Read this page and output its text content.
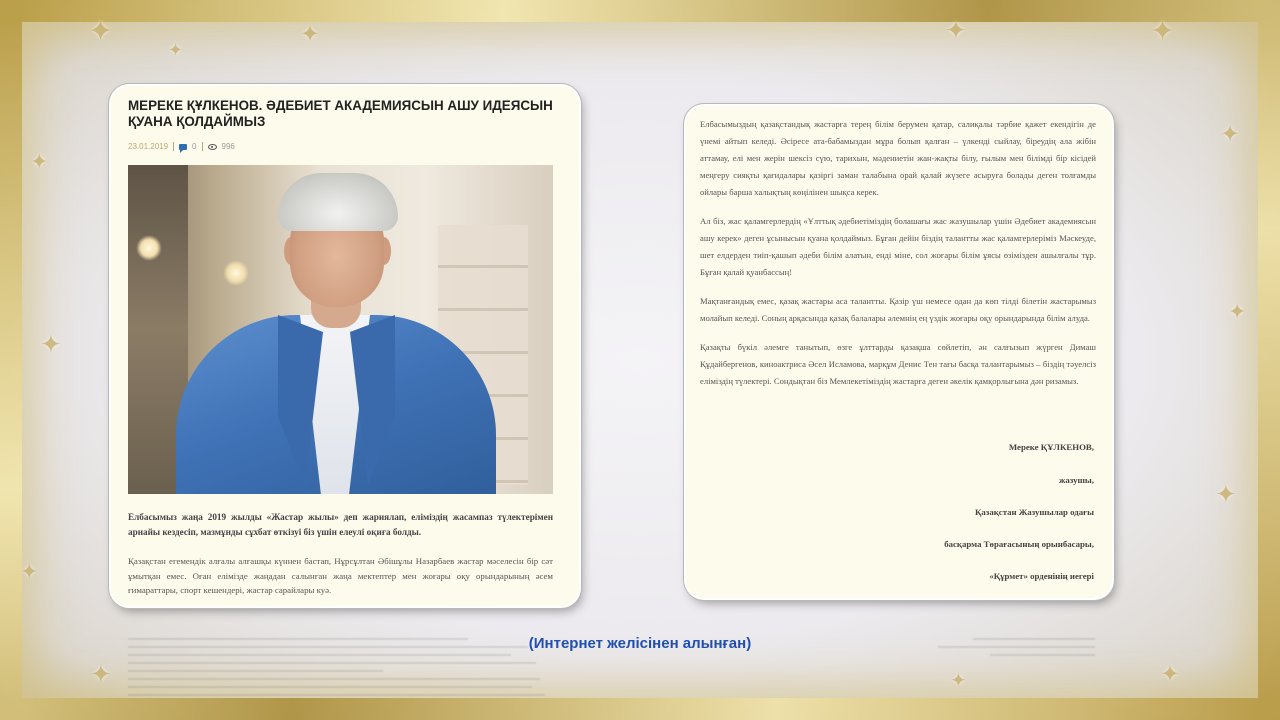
✦
✦
✦
✦
✦
✦
✦
✦	✦
✦
✦
✦
✦
✦
МЕРЕКЕ ҚҰЛКЕНОВ. ӘДЕБИЕТ АКАДЕМИЯСЫН АШУ ИДЕЯСЫН ҚУАНА ҚОЛДАЙМЫЗ
23.01.2019	0	996
Елбасымыз жаңа 2019 жылды «Жастар жылы» деп жариялап, еліміздің жасампаз түлектерімен арнайы кездесіп, мазмұнды сұхбат өткізуі біз үшін елеулі оқиға болды.
Қазақстан егемендік алғалы алғашқы күннен бастап, Нұрсұлтан Әбішұлы Назарбаев жастар мәселесін бір сәт ұмытқан емес. Оған елімізде жаңадан салынған жаңа мектептер мен жоғары оқу орындарының әсем ғимараттары, спорт кешендері, жастар сарайлары куә.

Елбасымыздың қазақстандық жастарға терең білім берумен қатар, салиқалы тәрбие қажет екендігін де үнемі айтып келеді. Әсіресе ата-бабамыздан мұра болып қалған – үлкенді сыйлау, біреудің ала жібін аттамау, елі мен жерін шексіз сүю, тарихын, мәдениетін жан-жақты білу, ғылым мен білімді бір кісідей меңгеру сияқты қағидалары қазіргі заман талабына орай қалай жүзеге асыруға болады деген толғамды ойлары барша халықтың көңілінен шықса керек.

Ал біз, жас қаламгерлердің «Ұлттық әдебиетіміздің болашағы жас жазушылар үшін Әдебиет академиясын ашу керек» деген ұсынысын қуана қолдаймыз. Бұған дейін біздің талантты жас қаламгерлеріміз Мәскеуде, шет елдерден тиіп-қашып әдеби білім алатын, енді міне, сол жоғары білім ұясы өзімізден ашылғалы тұр. Бұған қалай қуанбассың!

Мақтанғандық емес, қазақ жастары аса талантты. Қазір үш немесе одан да көп тілді білетін жастарымыз молайып келеді. Соның арқасында қазақ балалары әлемнің ең үздік жоғары оқу орындарында білім алуда.

Қазақты бүкіл әлемге танытып, өзге ұлттарды қазақша сөйлетіп, ән салғызып жүрген Димаш Құдайбергенов, киноактриса Әсел Исламова, марқұм Денис Тен тағы басқа талантарымыз – біздің тәуелсіз еліміздің түлектері. Сондықтан біз Мемлекетіміздің жастарға деген әкелік қамқорлығына дән ризамыз.

Мереке ҚҰЛКЕНОВ,
жазушы,
Қазақстан Жазушылар одағы
басқарма Төрағасының орынбасары,
«Құрмет» орденінің иегері
(Интернет желісінен алынған)
